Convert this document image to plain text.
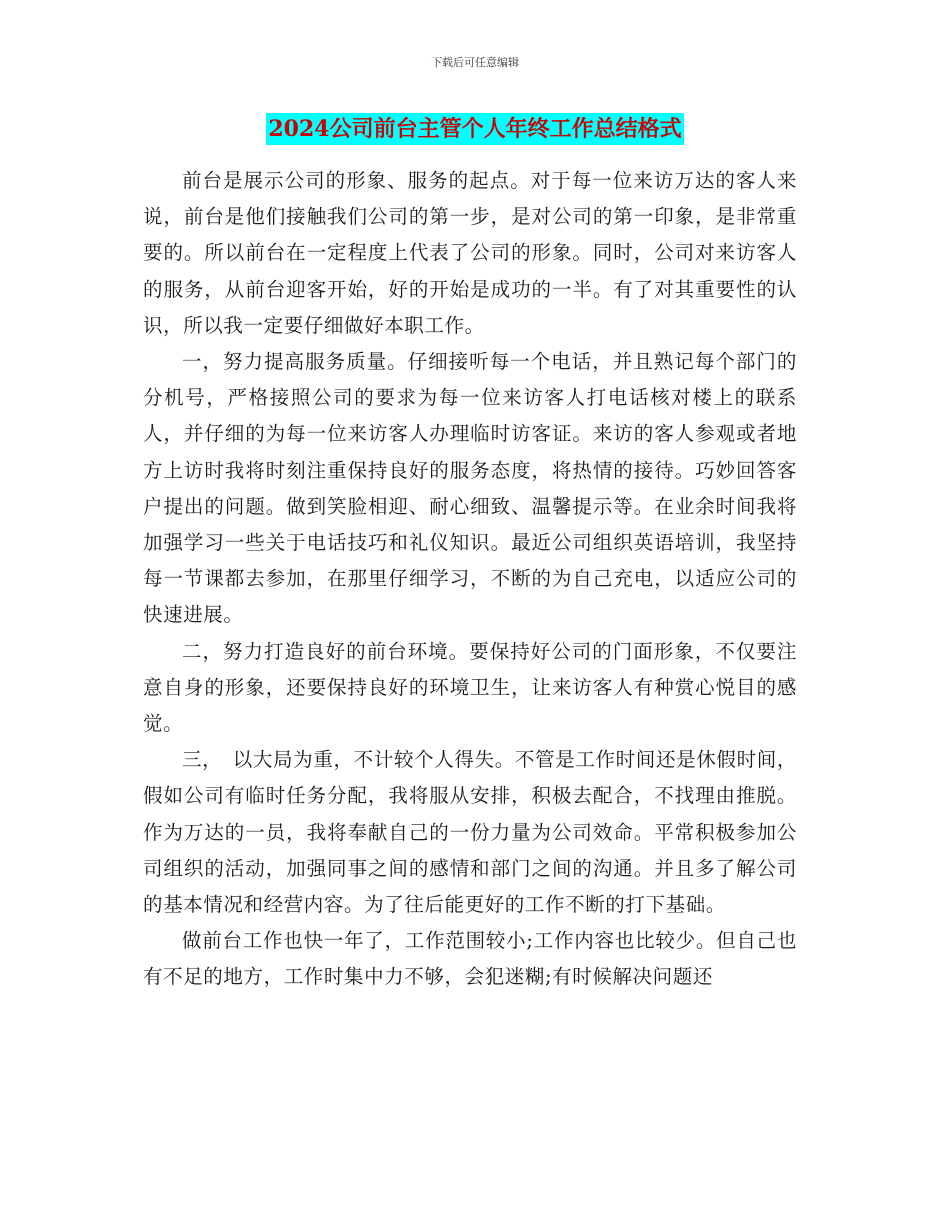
下载后可任意编辑
2024公司前台主管个人年终工作总结格式

前台是展示公司的形象、服务的起点。对于每一位来访万达的客人来说，前台是他们接触我们公司的第一步，是对公司的第一印象，是非常重要的。所以前台在一定程度上代表了公司的形象。同时，公司对来访客人的服务，从前台迎客开始，好的开始是成功的一半。有了对其重要性的认识，所以我一定要仔细做好本职工作。

一，努力提高服务质量。仔细接听每一个电话，并且熟记每个部门的分机号，严格接照公司的要求为每一位来访客人打电话核对楼上的联系人，并仔细的为每一位来访客人办理临时访客证。来访的客人参观或者地方上访时我将时刻注重保持良好的服务态度，将热情的接待。巧妙回答客户提出的问题。做到笑脸相迎、耐心细致、温馨提示等。在业余时间我将加强学习一些关于电话技巧和礼仪知识。最近公司组织英语培训，我坚持每一节课都去参加，在那里仔细学习，不断的为自己充电，以适应公司的快速进展。

二，努力打造良好的前台环境。要保持好公司的门面形象，不仅要注意自身的形象，还要保持良好的环境卫生，让来访客人有种赏心悦目的感觉。

三，　以大局为重，不计较个人得失。不管是工作时间还是休假时间，假如公司有临时任务分配，我将服从安排，积极去配合，不找理由推脱。作为万达的一员，我将奉献自己的一份力量为公司效命。平常积极参加公司组织的活动，加强同事之间的感情和部门之间的沟通。并且多了解公司的基本情况和经营内容。为了往后能更好的工作不断的打下基础。

做前台工作也快一年了，工作范围较小;工作内容也比较少。但自己也有不足的地方，工作时集中力不够，会犯迷糊;有时候解决问题还
